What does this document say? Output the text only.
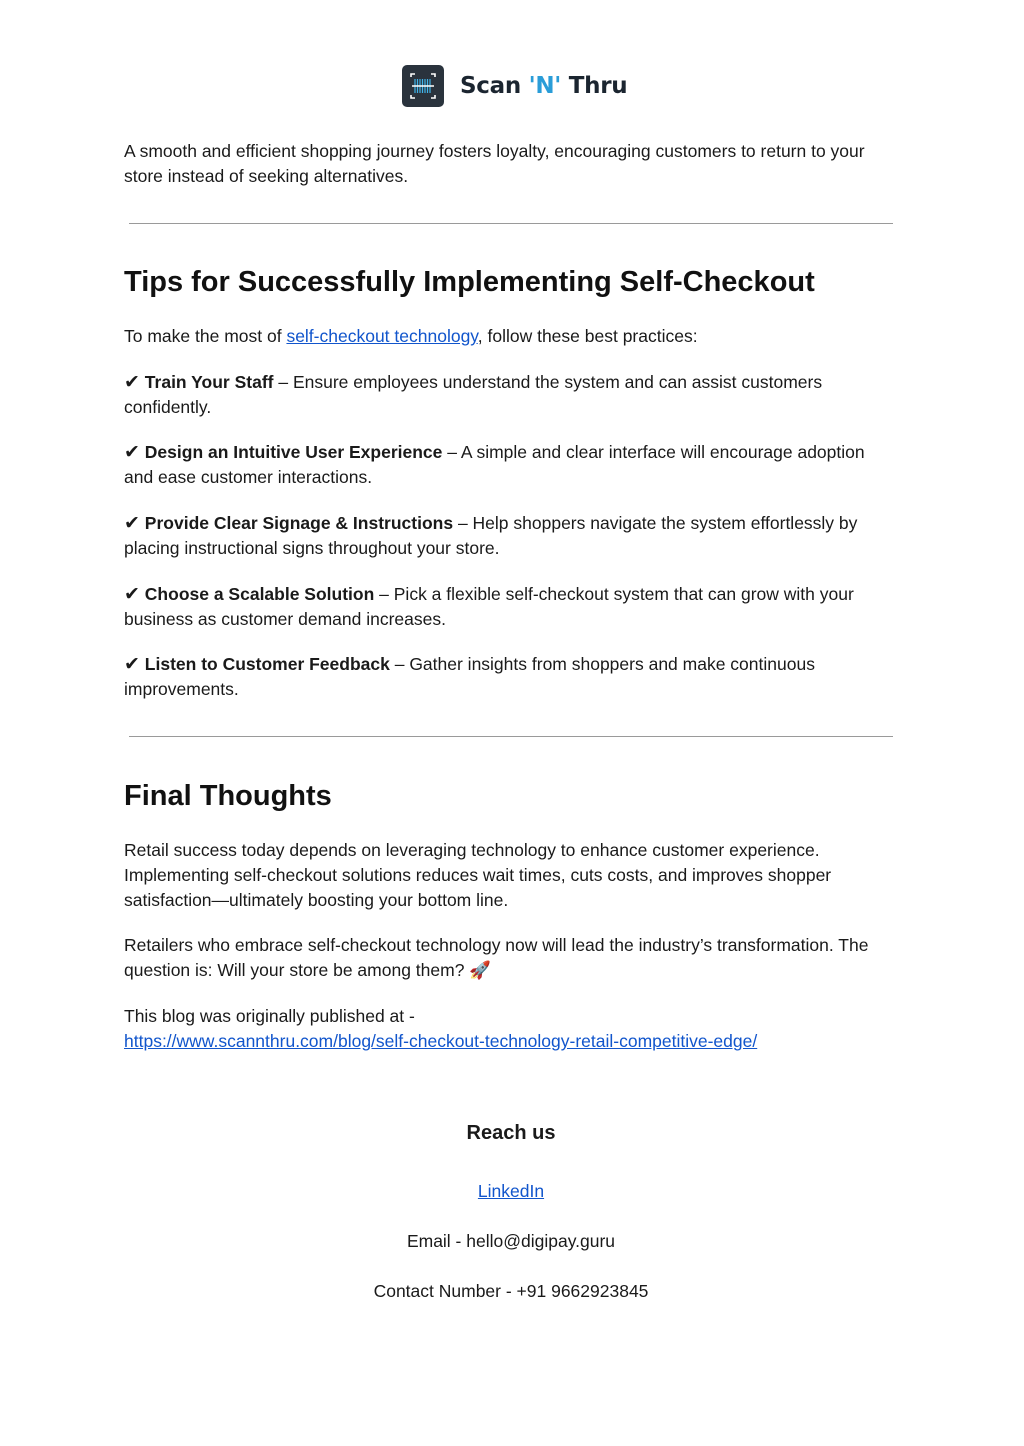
Scan 'N' Thru

A smooth and efficient shopping journey fosters loyalty, encouraging customers to return to your store instead of seeking alternatives.

Tips for Successfully Implementing Self-Checkout

To make the most of self-checkout technology, follow these best practices:

✔ Train Your Staff – Ensure employees understand the system and can assist customers confidently.

✔ Design an Intuitive User Experience – A simple and clear interface will encourage adoption and ease customer interactions.

✔ Provide Clear Signage & Instructions – Help shoppers navigate the system effortlessly by placing instructional signs throughout your store.

✔ Choose a Scalable Solution – Pick a flexible self-checkout system that can grow with your business as customer demand increases.

✔ Listen to Customer Feedback – Gather insights from shoppers and make continuous improvements.

Final Thoughts

Retail success today depends on leveraging technology to enhance customer experience. Implementing self-checkout solutions reduces wait times, cuts costs, and improves shopper satisfaction—ultimately boosting your bottom line.

Retailers who embrace self-checkout technology now will lead the industry’s transformation. The question is: Will your store be among them? 🚀

This blog was originally published at -
https://www.scannthru.com/blog/self-checkout-technology-retail-competitive-edge/

Reach us

LinkedIn

Email - hello@digipay.guru

Contact Number - +91 9662923845
